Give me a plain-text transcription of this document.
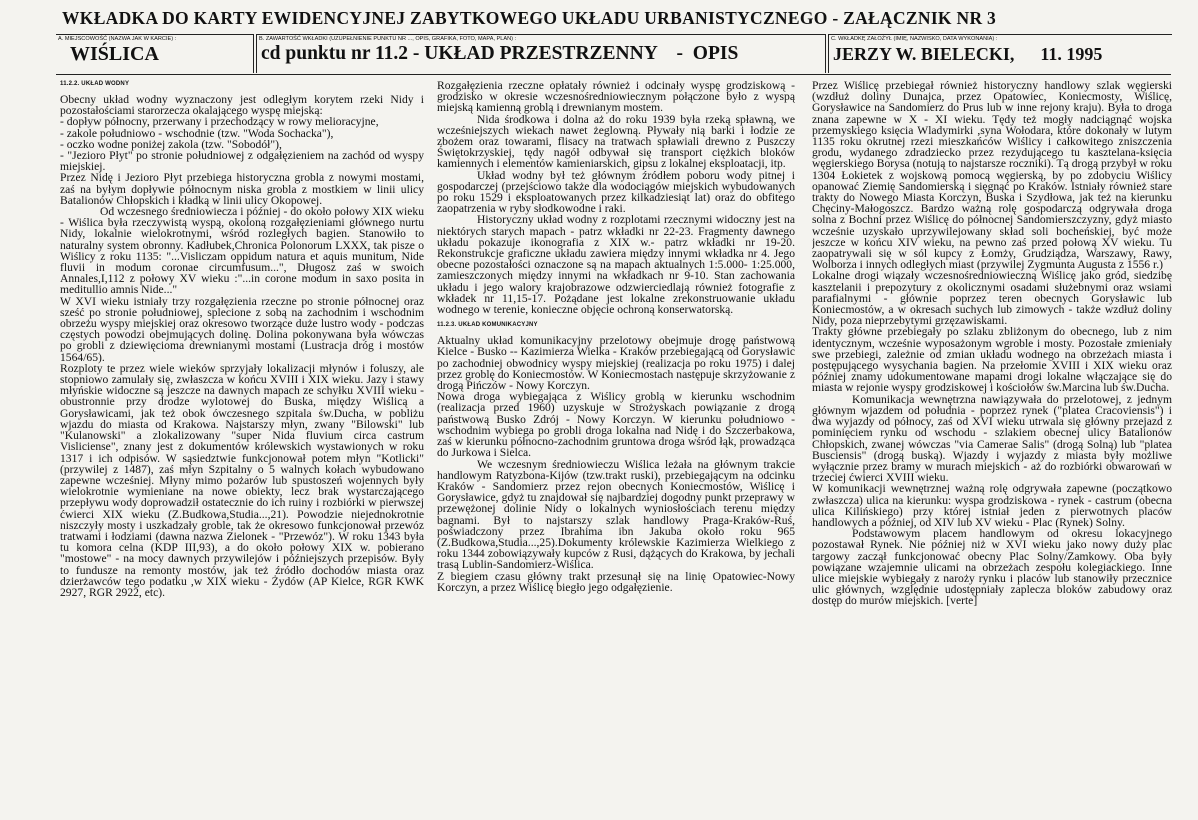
WKŁADKA DO KARTY EWIDENCYJNEJ ZABYTKOWEGO UKŁADU URBANISTYCZNEGO - ZAŁĄCZNIK NR 3
A. MIEJSCOWOŚĆ (NAZWA JAK W KARCIE) :
WIŚLICA
B. ZAWARTOŚĆ WKŁADKI (UZUPEŁNIENIE PUNKTU NR ..., OPIS, GRAFIKA, FOTO, MAPA, PLAN) :
cd punktu nr 11.2 - UKŁAD PRZESTRZENNY    -  OPIS
C. WKŁADKĘ ZAŁOŻYŁ (IMIĘ, NAZWISKO, DATA WYKONANIA) :
JERZY W. BIELECKI, 11. 1995
11.2.2. UKŁAD WODNY

Obecny układ wodny wyznaczony jest odległym korytem rzeki Nidy i pozostałościami starorzecza okalającego wyspę miejską:

- dopływ północny, przerwany i przechodzący w rowy melioracyjne,

- zakole południowo - wschodnie (tzw. "Woda Sochacka"),

- oczko wodne poniżej zakola (tzw. "Sobodół"),

- "Jezioro Płyt" po stronie południowej z odgałęzieniem na zachód od wyspy miejskiej.

Przez Nidę i Jezioro Płyt przebiega historyczna grobla z nowymi mostami, zaś na byłym dopływie północnym niska grobla z mostkiem w linii ulicy Batalionów Chłopskich i kładką w linii ulicy Okopowej.

Od wczesnego średniowiecza i później - do około połowy XIX wieku - Wiślica była rzeczywistą wyspą, okoloną rozgałęzieniami głównego nurtu Nidy, lokalnie wielokrotnymi, wśród rozległych bagien. Stanowiło to naturalny system obronny. Kadłubek,Chronica Polonorum LXXX, tak pisze o Wiślicy z roku 1135: "...Visliczam oppidum natura et aquis munitum, Nide fluvii in modum coronae circumfusum...", Długosz zaś w swoich Annales,I,112 z połowy XV wieku :"...in corone modum in saxo posita in meditullio amnis Nide..."

W XVI wieku istniały trzy rozgałęzienia rzeczne po stronie północnej oraz sześć po stronie południowej, splecione z sobą na zachodnim i wschodnim obrzeżu wyspy miejskiej oraz okresowo tworzące duże lustro wody - podczas częstych powodzi obejmujących dolinę. Dolina pokonywana była wówczas po grobli z dziewięcioma drewnianymi mostami (Lustracja dróg i mostów 1564/65).

Rozploty te przez wiele wieków sprzyjały lokalizacji młynów i foluszy, ale stopniowo zamulały się, zwłaszcza w końcu XVIII i XIX wieku. Jazy i stawy młyńskie widoczne są jeszcze na dawnych mapach ze schyłku XVIII wieku - obustronnie przy drodze wylotowej do Buska, między Wiślicą a Gorysławicami, jak też obok ówczesnego szpitala św.Ducha, w pobliżu wjazdu do miasta od Krakowa. Najstarszy młyn, zwany "Bilowski" lub "Kulanowski" a zlokalizowany "super Nida fluvium circa castrum Visliciense", znany jest z dokumentów królewskich wystawionych w roku 1317 i ich odpisów. W sąsiedztwie funkcjonował potem młyn "Kotlicki" (przywilej z 1487), zaś młyn Szpitalny o 5 walnych kołach wybudowano zapewne wcześniej. Młyny mimo pożarów lub spustoszeń wojennych były wielokrotnie wymieniane na nowe obiekty, lecz brak wystarczającego przepływu wody doprowadził ostatecznie do ich ruiny i rozbiórki w pierwszej ćwierci XIX wieku (Z.Budkowa,Studia...,21). Powodzie niejednokrotnie niszczyły mosty i uszkadzały groble, tak że okresowo funkcjonował przewóz tratwami i łodziami (dawna nazwa Zielonek - "Przewóz"). W roku 1343 była tu komora celna (KDP III,93), a do około połowy XIX w. pobierano "mostowe" - na mocy dawnych przywilejów i późniejszych przepisów. Były to fundusze na remonty mostów, jak też źródło dochodów miasta oraz dzierżawców tego podatku ,w XIX wieku - Żydów (AP Kielce, RGR KWK 2927, RGR 2922, etc).

Rozgałęzienia rzeczne opłatały również i odcinały wyspę grodziskową - grodzisko w okresie wczesnośredniowiecznym połączone było z wyspą miejską kamienną groblą i drewnianym mostem.

Nida środkowa i dolna aż do roku 1939 była rzeką spławną, we wcześniejszych wiekach nawet żeglowną. Pływały nią barki i łodzie ze zbożem oraz towarami, flisacy na tratwach spławiali drewno z Puszczy Świętokrzyskiej, tędy nagół odbywał się transport ciężkich bloków kamiennych i elementów kamieniarskich, gipsu z lokalnej eksploatacji, itp.

Układ wodny był też głównym źródłem poboru wody pitnej i gospodarczej (przejściowo także dla wodociągów miejskich wybudowanych po roku 1529 i eksploatowanych przez kilkadziesiąt lat) oraz do obfitego zaopatrzenia w ryby słodkowodne i raki.

Historyczny układ wodny z rozplotami rzecznymi widoczny jest na niektórych starych mapach - patrz wkładki nr 22-23. Fragmenty dawnego układu pokazuje ikonografia z XIX w.- patrz wkładki nr 19-20. Rekonstrukcje graficzne układu zawiera między innymi wkładka nr 4. Jego obecne pozostałości oznaczone są na mapach aktualnych 1:5.000- 1:25.000, zamieszczonych między innymi na wkładkach nr 9-10. Stan zachowania układu i jego walory krajobrazowe odzwierciedlają również fotografie z wkładek nr 11,15-17. Pożądane jest lokalne zrekonstruowanie układu wodnego w terenie, konieczne objęcie ochroną konserwatorską.

11.2.3. UKŁAD KOMUNIKACYJNY

Aktualny układ komunikacyjny przelotowy obejmuje drogę państwową Kielce - Busko -- Kazimierza Wielka - Kraków przebiegającą od Gorysławic po zachodniej obwodnicy wyspy miejskiej (realizacja po roku 1975) i dalej przez groblę do Koniecmostów. W Koniecmostach następuje skrzyżowanie z drogą Pińczów - Nowy Korczyn.

Nowa droga wybiegająca z Wiślicy groblą w kierunku wschodnim (realizacja przed 1960) uzyskuje w Strożyskach powiązanie z drogą państwową Busko Zdrój - Nowy Korczyn. W kierunku południowo - wschodnim wybiega po grobli droga lokalna nad Nidę i do Szczerbakowa, zaś w kierunku północno-zachodnim gruntowa droga wśród łąk, prowadząca do Jurkowa i Sielca.

We wczesnym średniowieczu Wiślica leżała na głównym trakcie handlowym Ratyzbona-Kijów (tzw.trakt ruski), przebiegającym na odcinku Kraków - Sandomierz przez rejon obecnych Koniecmostów, Wiślicę i Gorysławice, gdyż tu znajdował się najbardziej dogodny punkt przeprawy w przewężonej dolinie Nidy o lokalnych wyniosłościach terenu między bagnami. Był to najstarszy szlak handlowy Praga-Kraków-Ruś, poświadczony przez Ibrahima ibn Jakuba około roku 965 (Z.Budkowa,Studia...,25).Dokumenty królewskie Kazimierza Wielkiego z roku 1344 zobowiązywały kupców z Rusi, dążących do Krakowa, by jechali trasą Lublin-Sandomierz-Wiślica.

Z biegiem czasu główny trakt przesunął się na linię Opatowiec-Nowy Korczyn, a przez Wiślicę biegło jego odgałęzienie.

Przez Wiślicę przebiegał również historyczny handlowy szlak węgierski (wzdłuż doliny Dunajca, przez Opatowiec, Koniecmosty, Wiślicę, Gorysławice na Sandomierz do Prus lub w inne rejony kraju). Była to droga znana zapewne w X - XI wieku. Tędy też mogły nadciągnąć wojska przemyskiego księcia Wladymirki ,syna Wołodara, które dokonały w lutym 1135 roku okrutnej rzezi mieszkańców Wiślicy i całkowitego zniszczenia grodu, wydanego zdradziecko przez rezydującego tu kasztelana-księcia węgierskiego Borysa (notują to najstarsze roczniki). Tą drogą przybył w roku 1304 Łokietek z wojskową pomocą węgierską, by po zdobyciu Wiślicy opanować Ziemię Sandomierską i sięgnąć po Kraków. Istniały również stare trakty do Nowego Miasta Korczyn, Buska i Szydłowa, jak też na kierunku Chęciny-Małogoszcz. Bardzo ważną rolę gospodarczą odgrywała droga solna z Bochni przez Wiślicę do północnej Sandomierszczyzny, gdyż miasto wcześnie uzyskało uprzywilejowany skład soli bocheńskiej, być może jeszcze w końcu XIV wieku, na pewno zaś przed połową XV wieku. Tu zaopatrywali się w sól kupcy z Łomży, Grudziądza, Warszawy, Rawy, Wolborza i innych odległych miast (przywilej Zygmunta Augusta z 1556 r.)

Lokalne drogi wiązały wczesnośredniowieczną Wiślicę jako gród, siedzibę kasztelanii i prepozytury z okolicznymi osadami służebnymi oraz wsiami parafialnymi - głównie poprzez teren obecnych Gorysławic lub Koniecmostów, a w okresach suchych lub zimowych - także wzdłuż doliny Nidy, poza nieprzebytymi grzęzawiskami.

Trakty główne przebiegały po szlaku zbliżonym do obecnego, lub z nim identycznym, wcześnie wyposażonym wgroble i mosty. Pozostałe zmieniały swe przebiegi, zależnie od zmian układu wodnego na obrzeżach miasta i postępującego wysychania bagien. Na przełomie XVIII i XIX wieku oraz później znamy udokumentowane mapami drogi lokalne włączające się do miasta w rejonie wyspy grodziskowej i kościołów św.Marcina lub św.Ducha.

Komunikacja wewnętrzna nawiązywała do przelotowej, z jednym głównym wjazdem od południa - poprzez rynek ("platea Cracoviensis") i dwa wyjazdy od północy, zaś od XVI wieku utrwala się główny przejazd z pominięciem rynku od wschodu - szlakiem obecnej ulicy Batalionów Chłopskich, zwanej wówczas "via Camerae Salis" (drogą Solną) lub "platea Busciensis" (drogą buską). Wjazdy i wyjazdy z miasta były możliwe wyłącznie przez bramy w murach miejskich - aż do rozbiórki obwarowań w trzeciej ćwierci XVIII wieku.

W komunikacji wewnętrznej ważną rolę odgrywała zapewne (początkowo zwłaszcza) ulica na kierunku: wyspa grodziskowa - rynek - castrum (obecna ulica Kilińskiego) przy której istniał jeden z pierwotnych placów handlowych a później, od XIV lub XV wieku - Plac (Rynek) Solny.

Podstawowym placem handlowym od okresu lokacyjnego pozostawał Rynek. Nie później niż w XVI wieku jako nowy duży plac targowy zaczął funkcjonować obecny Plac Solny/Zamkowy. Oba były powiązane wzajemnie ulicami na obrzeżach zespołu kolegiackiego. Inne ulice miejskie wybiegały z naroży rynku i placów lub stanowiły przecznice ulic głównych, względnie udostępniały zaplecza bloków zabudowy oraz dostęp do murów miejskich. [verte]
